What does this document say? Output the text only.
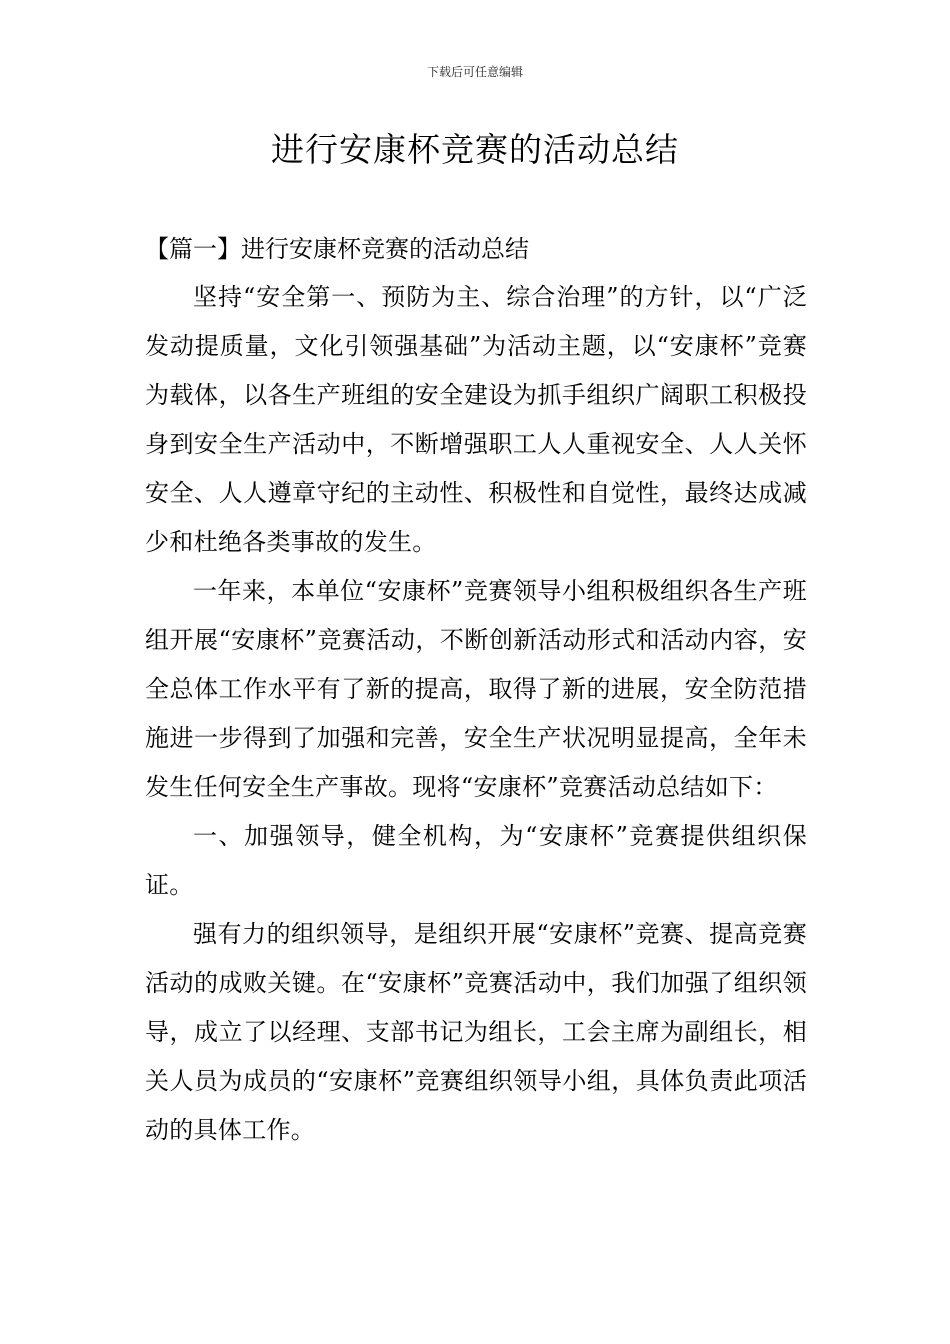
下载后可任意编辑
进行安康杯竞赛的活动总结
【篇一】进行安康杯竞赛的活动总结

坚持“安全第一、预防为主、综合治理”的方针，以“广泛发动提质量，文化引领强基础”为活动主题，以“安康杯”竞赛为载体，以各生产班组的安全建设为抓手组织广阔职工积极投身到安全生产活动中，不断增强职工人人重视安全、人人关怀安全、人人遵章守纪的主动性、积极性和自觉性，最终达成减少和杜绝各类事故的发生。

一年来，本单位“安康杯”竞赛领导小组积极组织各生产班组开展“安康杯”竞赛活动，不断创新活动形式和活动内容，安全总体工作水平有了新的提高，取得了新的进展，安全防范措施进一步得到了加强和完善，安全生产状况明显提高，全年未发生任何安全生产事故。现将“安康杯”竞赛活动总结如下：

一、加强领导，健全机构，为“安康杯”竞赛提供组织保证。

强有力的组织领导，是组织开展“安康杯”竞赛、提高竞赛活动的成败关键。在“安康杯”竞赛活动中，我们加强了组织领导，成立了以经理、支部书记为组长，工会主席为副组长，相关人员为成员的“安康杯”竞赛组织领导小组，具体负责此项活动的具体工作。
